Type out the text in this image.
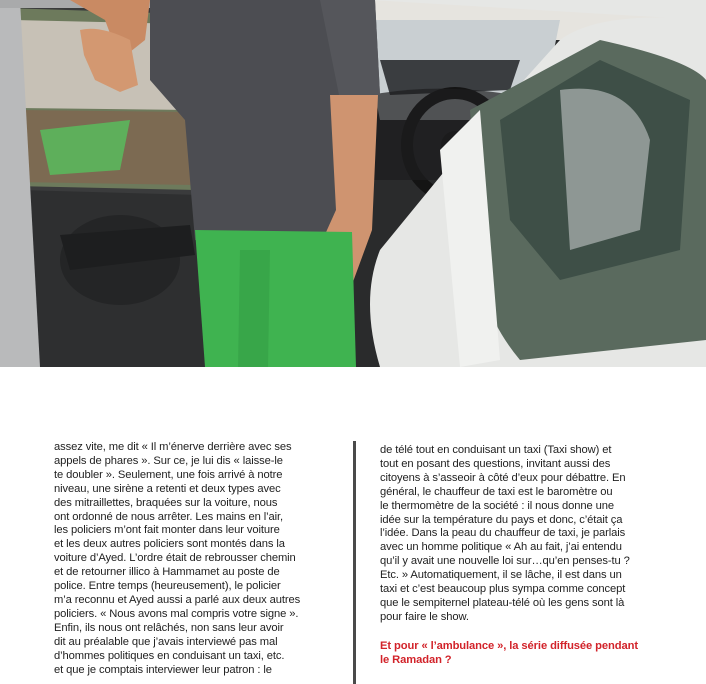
assez vite, me dit « Il m’énerve derrière avec ses
appels de phares ». Sur ce, je lui dis « laisse-le
te doubler ». Seulement, une fois arrivé à notre
niveau, une sirène a retenti et deux types avec
des mitraillettes, braquées sur la voiture, nous
ont ordonné de nous arrêter. Les mains en l’air,
les policiers m’ont fait monter dans leur voiture
et les deux autres policiers sont montés dans la
voiture d’Ayed. L’ordre était de rebrousser chemin
et de retourner illico à Hammamet au poste de
police. Entre temps (heureusement), le policier
m’a reconnu et Ayed aussi a parlé aux deux autres
policiers. « Nous avons mal compris votre signe ».
Enfin, ils nous ont relâchés, non sans leur avoir
dit au préalable que j’avais interviewé pas mal
d’hommes politiques en conduisant un taxi, etc.
et que je comptais interviewer leur patron : le

de télé tout en conduisant un taxi (Taxi show) et
tout en posant des questions, invitant aussi des
citoyens à s’asseoir à côté d’eux pour débattre. En
général, le chauffeur de taxi est le baromètre ou
le thermomètre de la société : il nous donne une
idée sur la température du pays et donc, c’était ça
l’idée. Dans la peau du chauffeur de taxi, je parlais
avec un homme politique « Ah au fait, j’ai entendu
qu’il y avait une nouvelle loi sur…qu’en penses-tu ?
Etc. » Automatiquement, il se lâche, il est dans un
taxi et c’est beaucoup plus sympa comme concept
que le sempiternel plateau-télé où les gens sont là
pour faire le show.

Et pour « l’ambulance », la série diffusée pendant
le Ramadan ?
